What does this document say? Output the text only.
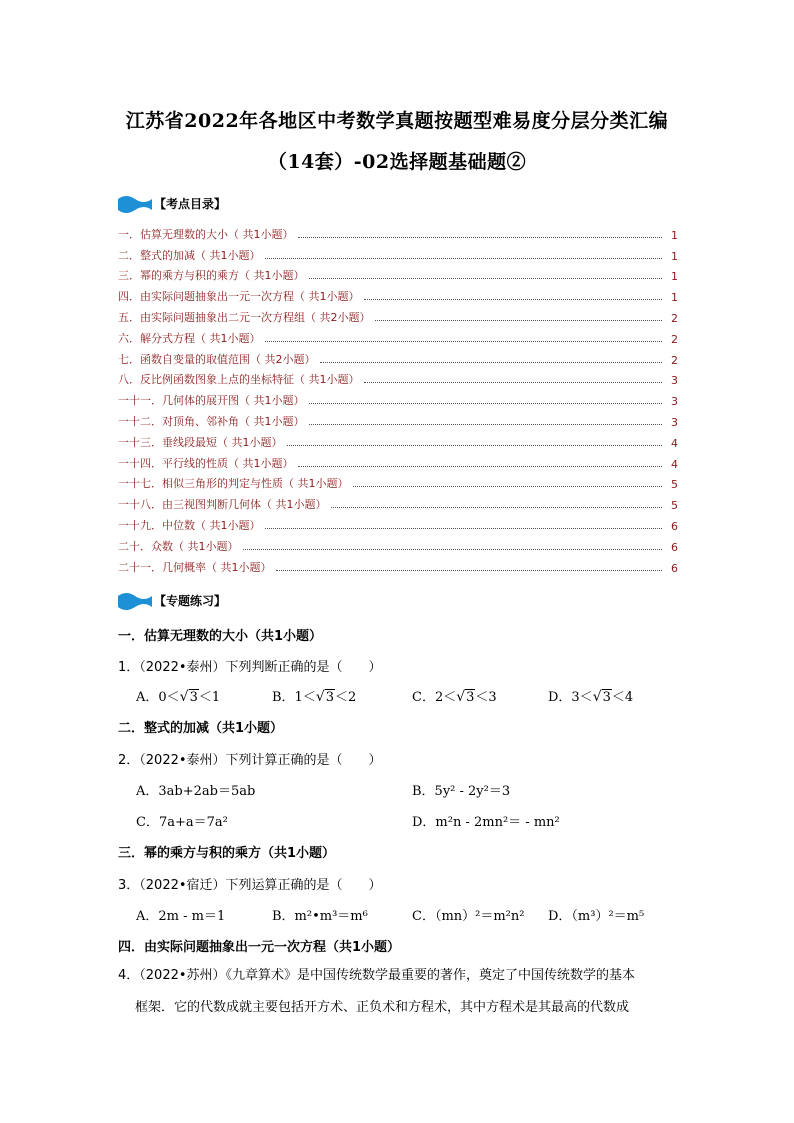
江苏省2022年各地区中考数学真题按题型难易度分层分类汇编
（14套）-02选择题基础题②
【考点目录】
一．估算无理数的大小（ 共1小题）	1
二．整式的加减（ 共1小题）	1
三．幂的乘方与积的乘方（ 共1小题）	1
四．由实际问题抽象出一元一次方程（ 共1小题）	1
五．由实际问题抽象出二元一次方程组（ 共2小题）	2
六．解分式方程（ 共1小题）	2
七．函数自变量的取值范围（ 共2小题）	2
八．反比例函数图象上点的坐标特征（ 共1小题）	3
一十一．几何体的展开图（ 共1小题）	3
一十二．对顶角、邻补角（ 共1小题）	3
一十三．垂线段最短（ 共1小题）	4
一十四．平行线的性质（ 共1小题）	4
一十七．相似三角形的判定与性质（ 共1小题）	5
一十八．由三视图判断几何体（ 共1小题）	5
一十九．中位数（ 共1小题）	6
二十．众数（ 共1小题）	6
二十一．几何概率（ 共1小题）	6
【专题练习】
一．估算无理数的大小（共1小题）
1．（2022•泰州）下列判断正确的是（　　）
A．0＜√3＜1	B．1＜√3＜2	C．2＜√3＜3	D．3＜√3＜4
二．整式的加减（共1小题）
2．（2022•泰州）下列计算正确的是（　　）
A．3ab+2ab＝5ab	B．5y² - 2y²＝3
C．7a+a＝7a²	D．m²n - 2mn²＝ - mn²
三．幂的乘方与积的乘方（共1小题）
3．（2022•宿迁）下列运算正确的是（　　）
A．2m - m＝1	B．m²•m³＝m⁶	C．（mn）²＝m²n² D．（m³）²＝m⁵
四．由实际问题抽象出一元一次方程（共1小题）
4．（2022•苏州）《九章算术》是中国传统数学最重要的著作，奠定了中国传统数学的基本
框架．它的代数成就主要包括开方术、正负术和方程术，其中方程术是其最高的代数成
